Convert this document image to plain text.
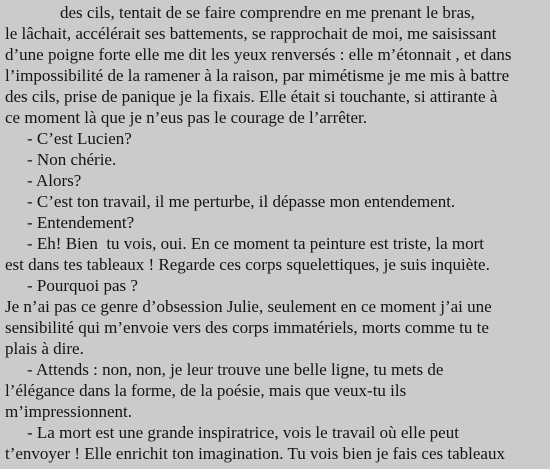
des cils, tentait de se faire comprendre en me prenant le bras,
le lâchait, accélérait ses battements, se rapprochait de moi, me saisissant
d’une poigne forte elle me dit les yeux renversés : elle m’étonnait , et dans
l’impossibilité de la ramener à la raison, par mimétisme je me mis à battre
des cils, prise de panique je la fixais. Elle était si touchante, si attirante à
ce moment là que je n’eus pas le courage de l’arrêter.
- C’est Lucien?
- Non chérie.
- Alors?
- C’est ton travail, il me perturbe, il dépasse mon entendement.
- Entendement?
- Eh! Bien  tu vois, oui. En ce moment ta peinture est triste, la mort
est dans tes tableaux ! Regarde ces corps squelettiques, je suis inquiète.
- Pourquoi pas ?
Je n’ai pas ce genre d’obsession Julie, seulement en ce moment j’ai une
sensibilité qui m’envoie vers des corps immatériels, morts comme tu te
plais à dire.
- Attends : non, non, je leur trouve une belle ligne, tu mets de
l’élégance dans la forme, de la poésie, mais que veux-tu ils
m’impressionnent.
- La mort est une grande inspiratrice, vois le travail où elle peut
t’envoyer ! Elle enrichit ton imagination. Tu vois bien je fais ces tableaux
